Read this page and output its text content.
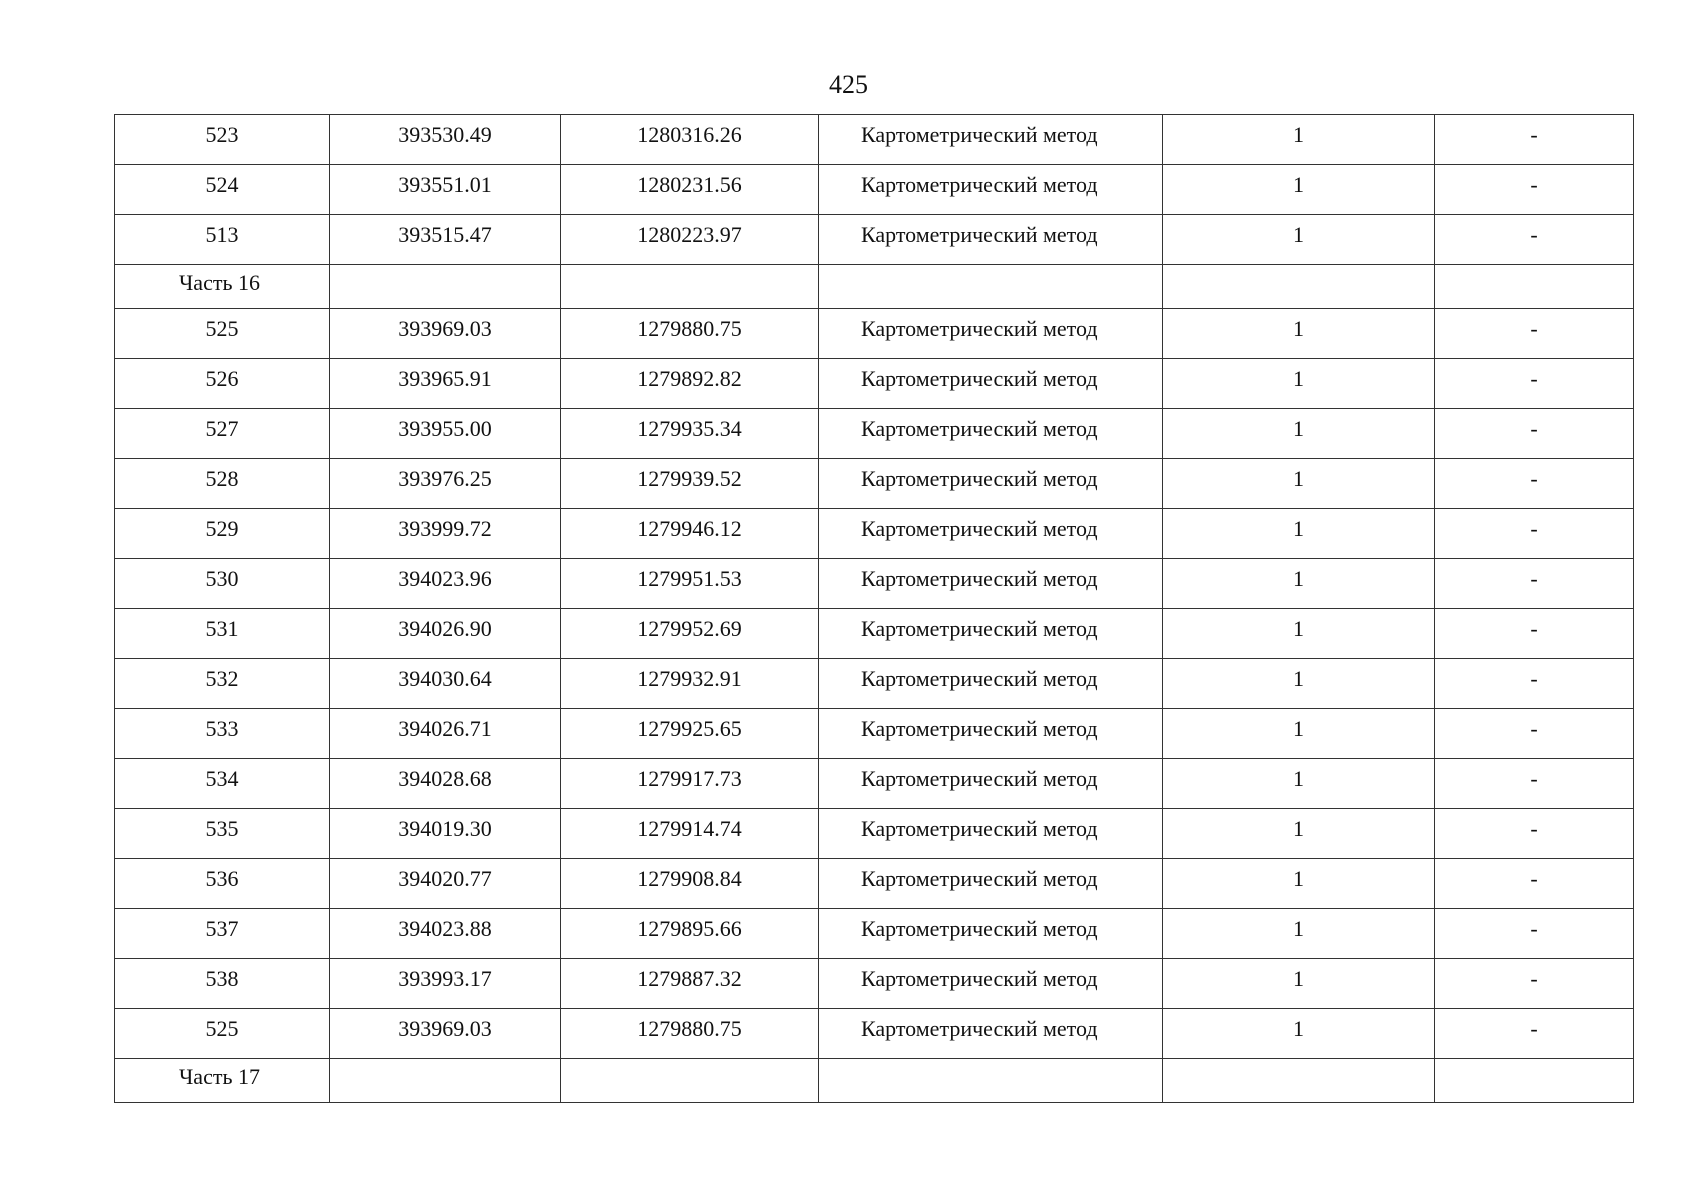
425
523	393530.49	1280316.26	Картометрический метод	1	-
524	393551.01	1280231.56	Картометрический метод	1	-
513	393515.47	1280223.97	Картометрический метод	1	-
Часть 16					
525	393969.03	1279880.75	Картометрический метод	1	-
526	393965.91	1279892.82	Картометрический метод	1	-
527	393955.00	1279935.34	Картометрический метод	1	-
528	393976.25	1279939.52	Картометрический метод	1	-
529	393999.72	1279946.12	Картометрический метод	1	-
530	394023.96	1279951.53	Картометрический метод	1	-
531	394026.90	1279952.69	Картометрический метод	1	-
532	394030.64	1279932.91	Картометрический метод	1	-
533	394026.71	1279925.65	Картометрический метод	1	-
534	394028.68	1279917.73	Картометрический метод	1	-
535	394019.30	1279914.74	Картометрический метод	1	-
536	394020.77	1279908.84	Картометрический метод	1	-
537	394023.88	1279895.66	Картометрический метод	1	-
538	393993.17	1279887.32	Картометрический метод	1	-
525	393969.03	1279880.75	Картометрический метод	1	-
Часть 17					
